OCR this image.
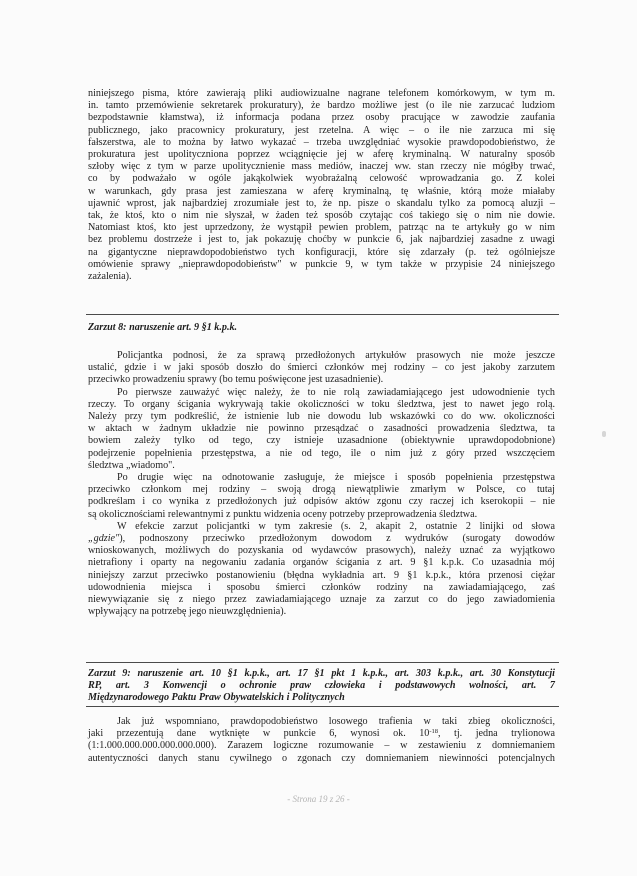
niniejszego pisma, które zawierają pliki audiowizualne nagrane telefonem komórkowym, w tym m.
in. tamto przemówienie sekretarek prokuratury), że bardzo możliwe jest (o ile nie zarzucać ludziom
bezpodstawnie kłamstwa), iż informacja podana przez osoby pracujące w zawodzie zaufania
publicznego, jako pracownicy prokuratury, jest rzetelna. A więc – o ile nie zarzuca mi się
fałszerstwa, ale to można by łatwo wykazać – trzeba uwzględniać wysokie prawdopodobieństwo, że
prokuratura jest upolityczniona poprzez wciągnięcie jej w aferę kryminalną. W naturalny sposób
szłoby więc z tym w parze upolitycznienie mass mediów, inaczej ww. stan rzeczy nie mógłby trwać,
co by podważało w ogóle jakąkolwiek wyobrażalną celowość wprowadzania go. Z kolei
w warunkach, gdy prasa jest zamieszana w aferę kryminalną, tę właśnie, którą może miałaby
ujawnić wprost, jak najbardziej zrozumiałe jest to, że np. pisze o skandalu tylko za pomocą aluzji –
tak, że ktoś, kto o nim nie słyszał, w żaden też sposób czytając coś takiego się o nim nie dowie.
Natomiast ktoś, kto jest uprzedzony, że wystąpił pewien problem, patrząc na te artykuły go w nim
bez problemu dostrzeże i jest to, jak pokazuję choćby w punkcie 6, jak najbardziej zasadne z uwagi
na gigantyczne nieprawdopodobieństwo tych konfiguracji, które się zdarzały (p. też ogólniejsze
omówienie sprawy „nieprawdopodobieństw" w punkcie 9, w tym także w przypisie 24 niniejszego
zażalenia).
Zarzut 8: naruszenie art. 9 §1 k.p.k.
Policjantka podnosi, że za sprawą przedłożonych artykułów prasowych nie może jeszcze
ustalić, gdzie i w jaki sposób doszło do śmierci członków mej rodziny – co jest jakoby zarzutem
przeciwko prowadzeniu sprawy (bo temu poświęcone jest uzasadnienie).
Po pierwsze zauważyć więc należy, że to nie rolą zawiadamiającego jest udowodnienie tych
rzeczy. To organy ścigania wykrywają takie okoliczności w toku śledztwa, jest to nawet jego rolą.
Należy przy tym podkreślić, że istnienie lub nie dowodu lub wskazówki co do ww. okoliczności
w aktach w żadnym układzie nie powinno przesądzać o zasadności prowadzenia śledztwa, ta
bowiem zależy tylko od tego, czy istnieje uzasadnione (obiektywnie uprawdopodobnione)
podejrzenie popełnienia przestępstwa, a nie od tego, ile o nim już z góry przed wszczęciem
śledztwa „wiadomo".
Po drugie więc na odnotowanie zasługuje, że miejsce i sposób popełnienia przestępstwa
przeciwko członkom mej rodziny – swoją drogą niewątpliwie zmarłym w Polsce, co tutaj
podkreślam i co wynika z przedłożonych już odpisów aktów zgonu czy raczej ich kserokopii – nie
są okolicznościami relewantnymi z punktu widzenia oceny potrzeby przeprowadzenia śledztwa.
W efekcie zarzut policjantki w tym zakresie (s. 2, akapit 2, ostatnie 2 linijki od słowa
„gdzie"), podnoszony przeciwko przedłożonym dowodom z wydruków (surogaty dowodów
wnioskowanych, możliwych do pozyskania od wydawców prasowych), należy uznać za wyjątkowo
nietrafiony i oparty na negowaniu zadania organów ścigania z art. 9 §1 k.p.k. Co uzasadnia mój
niniejszy zarzut przeciwko postanowieniu (błędna wykładnia art. 9 §1 k.p.k., która przenosi ciężar
udowodnienia miejsca i sposobu śmierci członków rodziny na zawiadamiającego, zaś
niewywiązanie się z niego przez zawiadamiającego uznaje za zarzut co do jego zawiadomienia
wpływający na potrzebę jego nieuwzględnienia).
Zarzut 9: naruszenie art. 10 §1 k.p.k., art. 17 §1 pkt 1 k.p.k., art. 303 k.p.k., art. 30 Konstytucji
RP, art. 3 Konwencji o ochronie praw człowieka i podstawowych wolności, art. 7
Międzynarodowego Paktu Praw Obywatelskich i Politycznych
Jak już wspomniano, prawdopodobieństwo losowego trafienia w taki zbieg okoliczności,
jaki przezentują dane wytknięte w punkcie 6, wynosi ok. $10^{-18}$, tj. jedna trylionowa
(1:1.000.000.000.000.000.000). Zarazem logiczne rozumowanie – w zestawieniu z domniemaniem
autentyczności danych stanu cywilnego o zgonach czy domniemaniem niewinności potencjalnych
- Strona 19 z 26 -
